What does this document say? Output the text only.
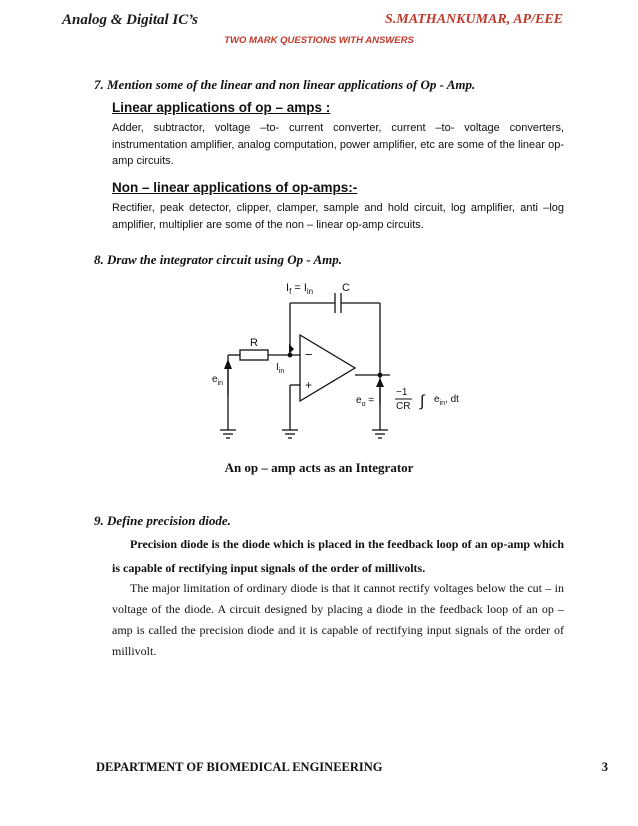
Analog & Digital IC’s	S.MATHANKUMAR, AP/EEE
TWO MARK QUESTIONS WITH ANSWERS
7. Mention some of the linear and non linear applications of Op - Amp.
Linear applications of op – amps :
Adder, subtractor, voltage –to- current converter, current –to- voltage converters, instrumentation amplifier, analog computation, power amplifier, etc are some of the linear op-amp circuits.
Non – linear applications of op-amps:-
Rectifier, peak detector, clipper, clamper, sample and hold circuit, log amplifier, anti –log amplifier, multiplier are some of the non – linear op-amp circuits.
8. Draw the integrator circuit using Op - Amp.
$I_f = I_{in}$	C
R
$e_{in}$
$I_{in}$
−
+
$e_o$ =
−1
CR ∫ $e_{in}$, dt
An op – amp acts as an Integrator
9. Define precision diode.
Precision diode is the diode which is placed in the feedback loop of an op-amp which is capable of rectifying input signals of the order of millivolts.
The major limitation of ordinary diode is that it cannot rectify voltages below the cut – in voltage of the diode. A circuit designed by placing a diode in the feedback loop of an op – amp is called the precision diode and it is capable of rectifying input signals of the order of millivolt.
DEPARTMENT OF BIOMEDICAL ENGINEERING	3
